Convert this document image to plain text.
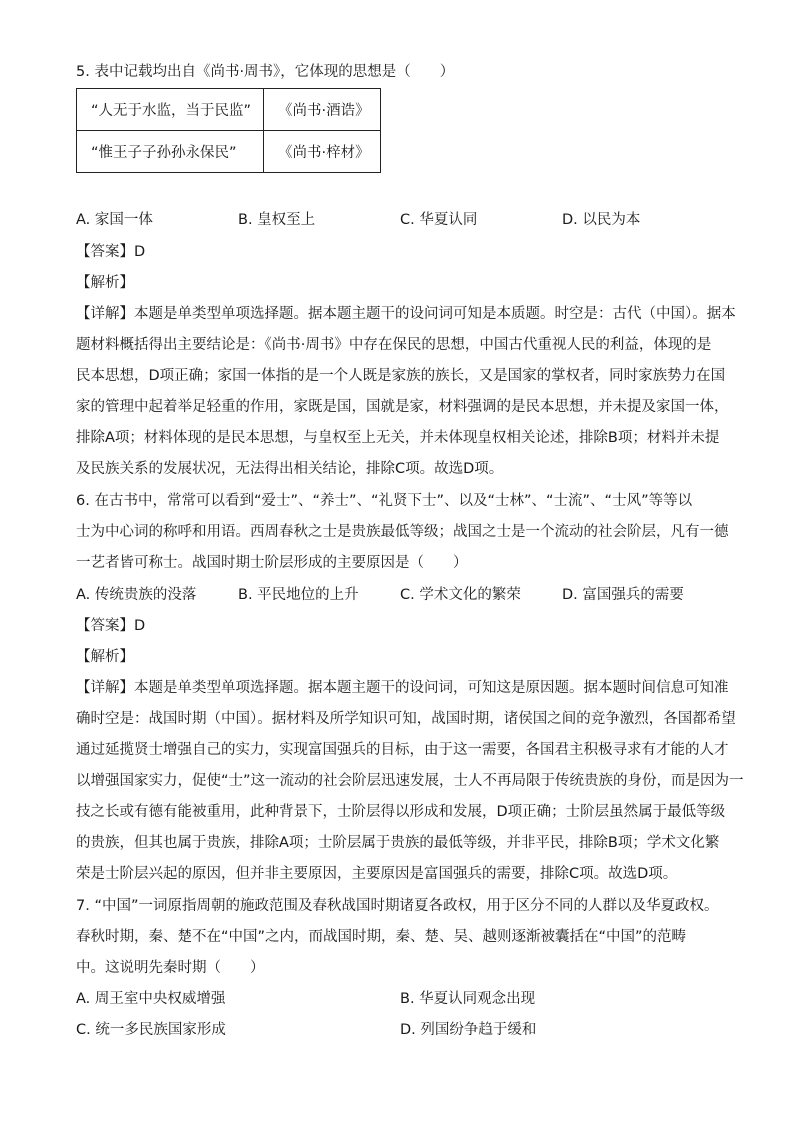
5. 表中记载均出自《尚书·周书》，它体现的思想是（　　）
“人无于水监，当于民监”	《尚书·酒诰》
“惟王子子孙孙永保民”	《尚书·梓材》
A. 家国一体	B. 皇权至上	C. 华夏认同	D. 以民为本
【答案】D
【解析】
【详解】本题是单类型单项选择题。据本题主题干的设问词可知是本质题。时空是：古代（中国）。据本
题材料概括得出主要结论是：《尚书·周书》中存在保民的思想，中国古代重视人民的利益，体现的是
民本思想，D项正确；家国一体指的是一个人既是家族的族长，又是国家的掌权者，同时家族势力在国
家的管理中起着举足轻重的作用，家既是国，国就是家，材料强调的是民本思想，并未提及家国一体，
排除A项；材料体现的是民本思想，与皇权至上无关，并未体现皇权相关论述，排除B项；材料并未提
及民族关系的发展状况，无法得出相关结论，排除C项。故选D项。
6. 在古书中，常常可以看到“爱士”、“养士”、“礼贤下士”、以及“士林”、“士流”、“士风”等等以
士为中心词的称呼和用语。西周春秋之士是贵族最低等级；战国之士是一个流动的社会阶层，凡有一德
一艺者皆可称士。战国时期士阶层形成的主要原因是（　　）
A. 传统贵族的没落	B. 平民地位的上升	C. 学术文化的繁荣	D. 富国强兵的需要
【答案】D
【解析】
【详解】本题是单类型单项选择题。据本题主题干的设问词，可知这是原因题。据本题时间信息可知准
确时空是：战国时期（中国）。据材料及所学知识可知，战国时期，诸侯国之间的竞争激烈，各国都希望
通过延揽贤士增强自己的实力，实现富国强兵的目标，由于这一需要，各国君主积极寻求有才能的人才
以增强国家实力，促使“士”这一流动的社会阶层迅速发展，士人不再局限于传统贵族的身份，而是因为一
技之长或有德有能被重用，此种背景下，士阶层得以形成和发展，D项正确；士阶层虽然属于最低等级
的贵族，但其也属于贵族，排除A项；士阶层属于贵族的最低等级，并非平民，排除B项；学术文化繁
荣是士阶层兴起的原因，但并非主要原因，主要原因是富国强兵的需要，排除C项。故选D项。
7. “中国”一词原指周朝的施政范围及春秋战国时期诸夏各政权，用于区分不同的人群以及华夏政权。
春秋时期，秦、楚不在“中国”之内，而战国时期，秦、楚、吴、越则逐渐被囊括在“中国”的范畴
中。这说明先秦时期（　　）
A. 周王室中央权威增强	B. 华夏认同观念出现
C. 统一多民族国家形成	D. 列国纷争趋于缓和
